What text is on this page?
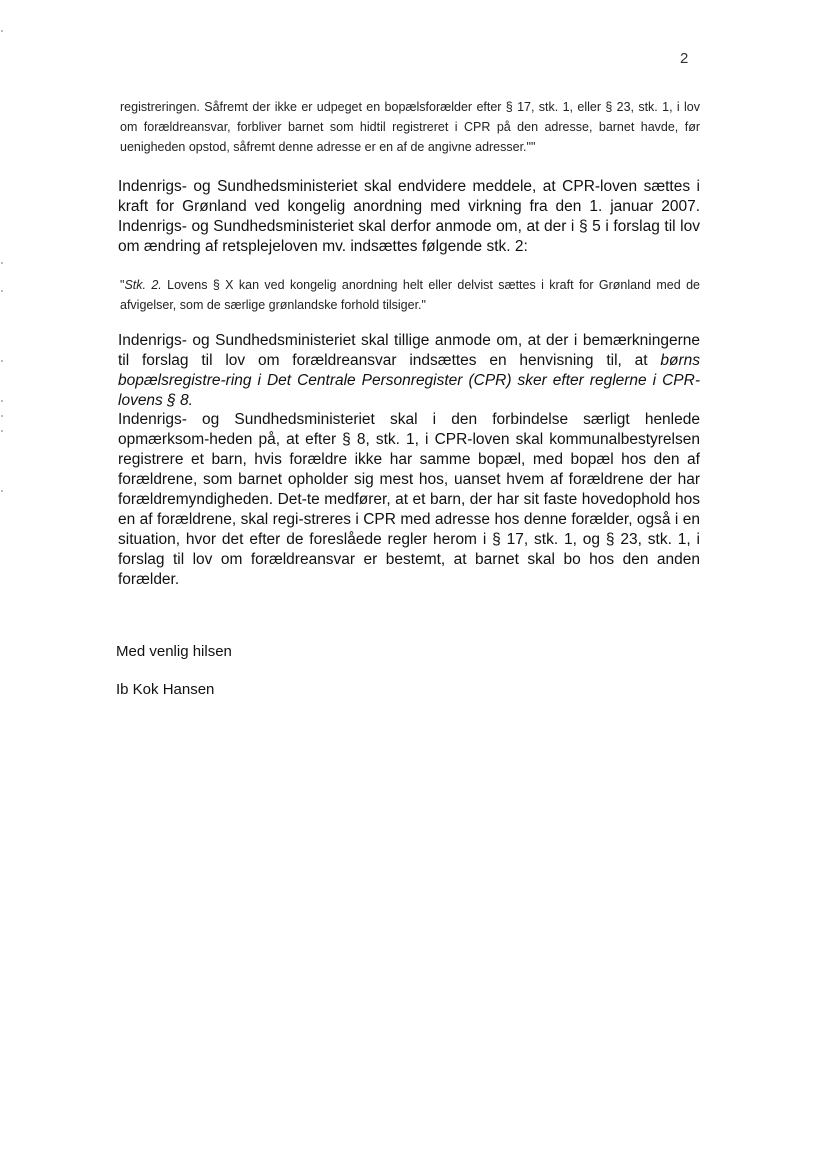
2
registreringen. Såfremt der ikke er udpeget en bopælsforælder efter § 17, stk. 1, eller § 23, stk. 1, i lov om forældreansvar, forbliver barnet som hidtil registreret i CPR på den adresse, barnet havde, før uenigheden opstod, såfremt denne adresse er en af de angivne adresser.""
Indenrigs- og Sundhedsministeriet skal endvidere meddele, at CPR-loven sættes i kraft for Grønland ved kongelig anordning med virkning fra den 1. januar 2007. Indenrigs- og Sundhedsministeriet skal derfor anmode om, at der i § 5 i forslag til lov om ændring af retsplejeloven mv. indsættes følgende stk. 2:
"Stk. 2. Lovens § X kan ved kongelig anordning helt eller delvist sættes i kraft for Grønland med de afvigelser, som de særlige grønlandske forhold tilsiger."
Indenrigs- og Sundhedsministeriet skal tillige anmode om, at der i bemærkningerne til forslag til lov om forældreansvar indsættes en henvisning til, at børns bopælsregistre-ring i Det Centrale Personregister (CPR) sker efter reglerne i CPR-lovens § 8.
Indenrigs- og Sundhedsministeriet skal i den forbindelse særligt henlede opmærksom-heden på, at efter § 8, stk. 1, i CPR-loven skal kommunalbestyrelsen registrere et barn, hvis forældre ikke har samme bopæl, med bopæl hos den af forældrene, som barnet opholder sig mest hos, uanset hvem af forældrene der har forældremyndigheden. Det-te medfører, at et barn, der har sit faste hovedophold hos en af forældrene, skal regi-streres i CPR med adresse hos denne forælder, også i en situation, hvor det efter de foreslåede regler herom i § 17, stk. 1, og § 23, stk. 1, i forslag til lov om forældreansvar er bestemt, at barnet skal bo hos den anden forælder.
Med venlig hilsen
Ib Kok Hansen
